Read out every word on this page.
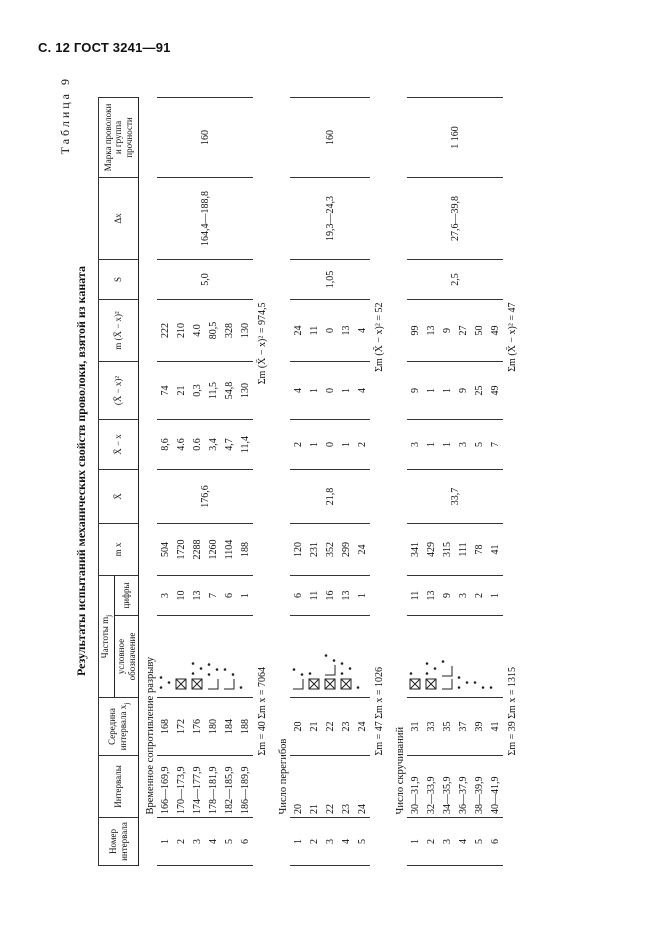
С. 12 ГОСТ 3241—91
Таблица 9
Результаты испытаний механических свойств проволоки, взятой из каната
Номер интервала	Интервалы	Середина интервала $x_j$	Частоты $m_j$		m x	X̄	X̄ − x	(X̄ − x)²	m (X̄ − x)²	S	Δx	Марка проволоки и группа прочности
			условное обозначение	цифры								
	Временное сопротивление разрыву											
1	166—169,9	168		3	504	176,6	8,6	74	222	5,0	164,4—188,8	160
2	170—173,9	172		10	1720		4.6	21	210			
3	174—177,9	176		13	2288		0.6	0,3	4.0			
4	178—181,9	180		7	1260		3,4	11,5	80,5			
5	182—185,9	184		6	1104		4,7	54,8	328			
6	186—189,9	188		1	188		11,4	130	130			
Σm = 40 Σm x = 7064						Σm (X̄ − x)² = 974,5						
	Число перегибов											
1	20	20		6	120	21,8	2	4	24	1,05	19,3—24,3	160
2	21	21		11	231		1	1	11			
3	22	22		16	352		0	0	0			
4	23	23		13	299		1	1	13			
5	24	24		1	24		2	4	4			
Σm = 47 Σm x = 1026						Σm (X̄ − x)² = 52						
	Число скручиваний											
1	30—31,9	31		11	341	33,7	3	9	99	2,5	27,6—39,8	1 160
2	32—33,9	33		13	429		1	1	13			
3	34—35,9	35		9	315		1	1	9			
4	36—37,9	37		3	111		3	9	27			
5	38—39,9	39		2	78		5	25	50			
6	40—41,9	41		1	41		7	49	49			
Σm = 39 Σm x = 1315						Σm (X̄ − x)² = 47						
